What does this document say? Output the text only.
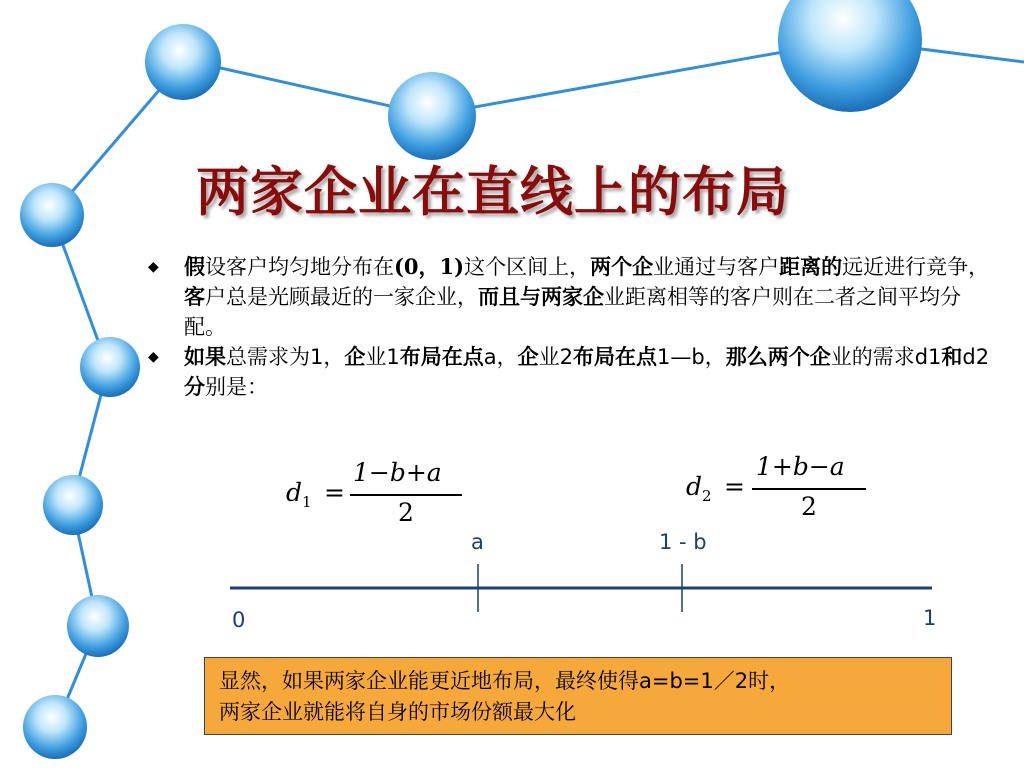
两家企业在直线上的布局
◆ 假设客户均匀地分布在(0，1)这个区间上，两个企业通过与客户距离的远近进行竞争，客户总是光顾最近的一家企业，而且与两家企业距离相等的客户则在二者之间平均分配。
◆ 如果总需求为1，企业1布局在点a，企业2布局在点1—b，那么两个企业的需求d1和d2分别是：
$d_1$ =
1−b+a
2
$d_2$ =
1+b−a
2
a	1 - b
0	1
显然，如果两家企业能更近地布局，最终使得a=b=1／2时，
两家企业就能将自身的市场份额最大化
